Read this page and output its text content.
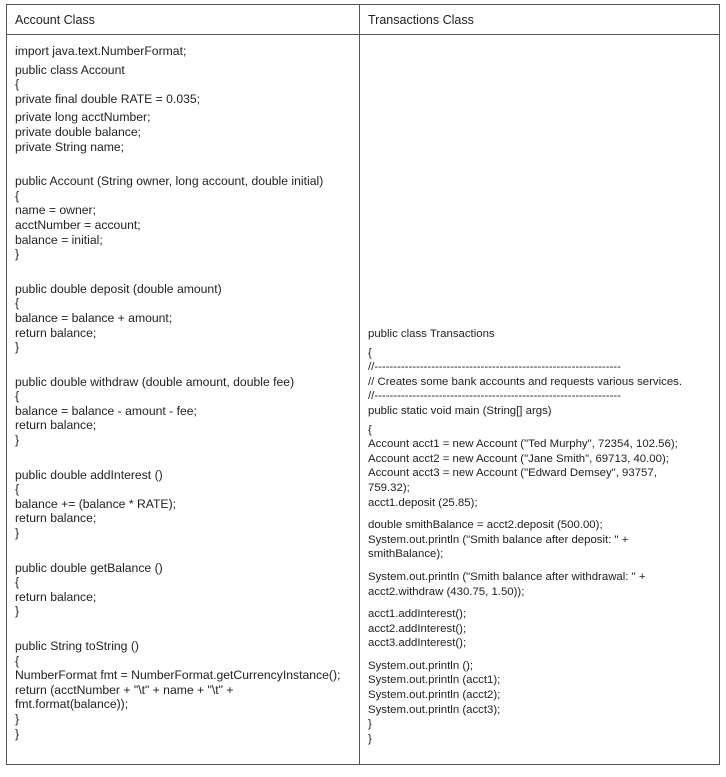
Account Class	Transactions Class
import java.text.NumberFormat;
public class Account
{
private final double RATE = 0.035;
private long acctNumber;
private double balance;
private String name;
public Account (String owner, long account, double initial)
{
name = owner;
acctNumber = account;
balance = initial;
}
public double deposit (double amount)
{
balance = balance + amount;
return balance;
}
public double withdraw (double amount, double fee)
{
balance = balance - amount - fee;
return balance;
}
public double addInterest ()
{
balance += (balance * RATE);
return balance;
}
public double getBalance ()
{
return balance;
}
public String toString ()
{
NumberFormat fmt = NumberFormat.getCurrencyInstance();
return (acctNumber + "\t" + name + "\t" +
fmt.format(balance));
}
}
public class Transactions
{
//-----------------------------------------------------------------
// Creates some bank accounts and requests various services.
//-----------------------------------------------------------------
public static void main (String[] args)
{
Account acct1 = new Account ("Ted Murphy", 72354, 102.56);
Account acct2 = new Account ("Jane Smith", 69713, 40.00);
Account acct3 = new Account ("Edward Demsey", 93757,
759.32);
acct1.deposit (25.85);
double smithBalance = acct2.deposit (500.00);
System.out.println ("Smith balance after deposit: " +
smithBalance);
System.out.println ("Smith balance after withdrawal: " +
acct2.withdraw (430.75, 1.50));
acct1.addInterest();
acct2.addInterest();
acct3.addInterest();
System.out.println ();
System.out.println (acct1);
System.out.println (acct2);
System.out.println (acct3);
}
}
